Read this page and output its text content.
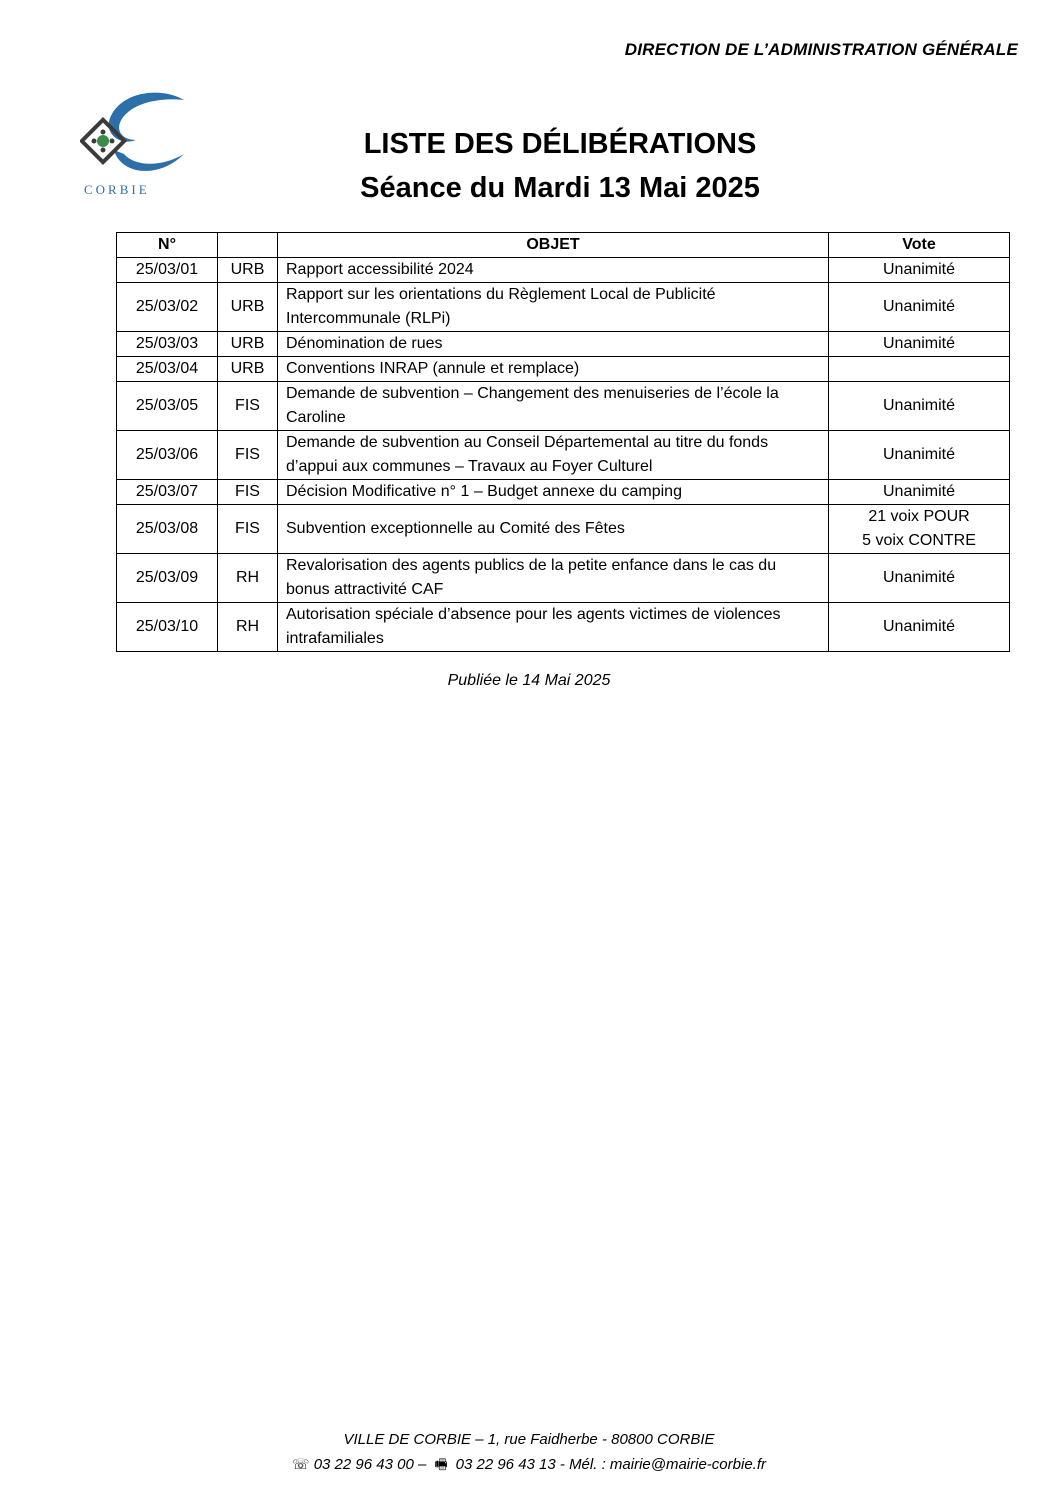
DIRECTION DE L’ADMINISTRATION GÉNÉRALE
CORBIE
LISTE DES DÉLIBÉRATIONS
Séance du Mardi 13 Mai 2025
N°		OBJET	Vote
25/03/01	URB	Rapport accessibilité 2024	Unanimité

25/03/02	URB	Rapport sur les orientations du Règlement Local de Publicité Intercommunale (RLPi)	Unanimité

25/03/03	URB	Dénomination de rues	Unanimité

25/03/04	URB	Conventions INRAP (annule et remplace)	
25/03/05	FIS	Demande de subvention – Changement des menuiseries de l’école la Caroline	Unanimité

25/03/06	FIS	Demande de subvention au Conseil Départemental au titre du fonds d’appui aux communes – Travaux au Foyer Culturel	Unanimité

25/03/07	FIS	Décision Modificative n° 1 – Budget annexe du camping	Unanimité

25/03/08	FIS	Subvention exceptionnelle au Comité des Fêtes	21 voix POUR
5 voix CONTRE

25/03/09	RH	Revalorisation des agents publics de la petite enfance dans le cas du bonus attractivité CAF	Unanimité

25/03/10	RH	Autorisation spéciale d’absence pour les agents victimes de violences intrafamiliales	Unanimité
Publiée le 14 Mai 2025
VILLE DE CORBIE – 1, rue Faidherbe - 80800 CORBIE
☏ 03 22 96 43 00 –  🖷  03 22 96 43 13 - Mél. : mairie@mairie-corbie.fr
